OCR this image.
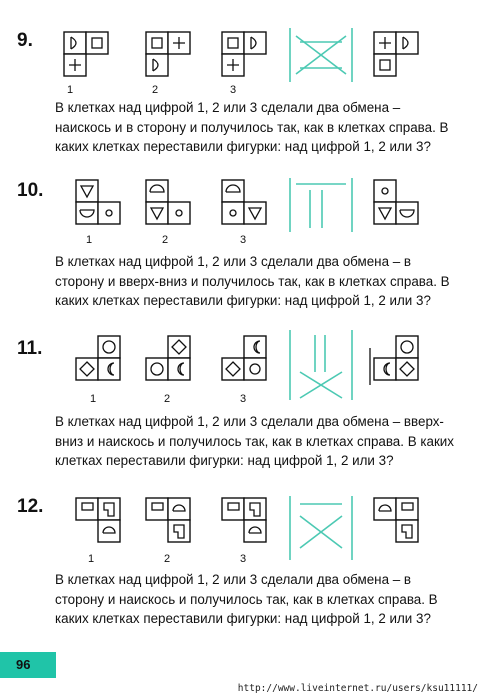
9.
1	2	3

В клетках над цифрой 1, 2 или 3 сделали два обмена – наискось и в сторону и получилось так, как в клетках справа. В каких клетках переставили фигурки: над цифрой 1, 2 или 3?

10.
1	2	3

В клетках над цифрой 1, 2 или 3 сделали два обмена – в сторону и вверх-вниз и получилось так, как в клетках справа. В каких клетках переставили фигурки: над цифрой 1, 2 или 3?

11.
1	2	3

В клетках над цифрой 1, 2 или 3 сделали два обмена – вверх-вниз и наискось и получилось так, как в клетках справа. В каких клетках переставили фигурки: над цифрой 1, 2 или 3?

12.
1	2	3

В клетках над цифрой 1, 2 или 3 сделали два обмена – в сторону и наискось и получилось так, как в клетках справа. В каких клетках переставили фигурки: над цифрой 1, 2 или 3?

96
http://www.liveinternet.ru/users/ksu11111/
